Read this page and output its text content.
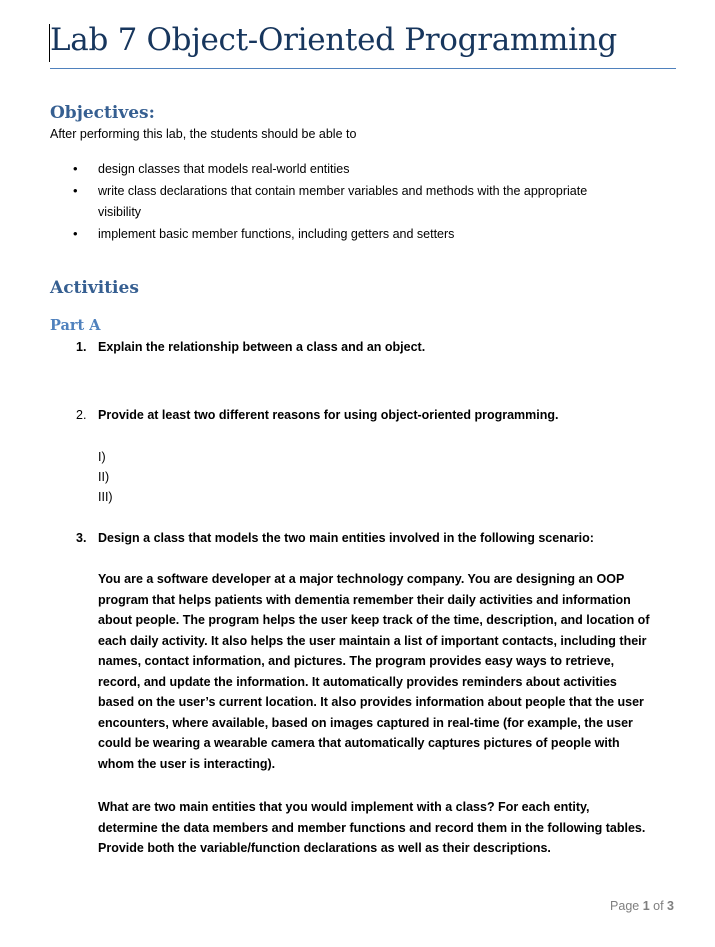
Lab 7 Object-Oriented Programming
Objectives:
After performing this lab, the students should be able to
• design classes that models real-world entities
• write class declarations that contain member variables and methods with the appropriate
visibility
• implement basic member functions, including getters and setters
Activities
Part A
1. Explain the relationship between a class and an object.
2. Provide at least two different reasons for using object-oriented programming.
I)
II)
III)
3. Design a class that models the two main entities involved in the following scenario:
You are a software developer at a major technology company. You are designing an OOP
program that helps patients with dementia remember their daily activities and information
about people. The program helps the user keep track of the time, description, and location of
each daily activity. It also helps the user maintain a list of important contacts, including their
names, contact information, and pictures. The program provides easy ways to retrieve,
record, and update the information. It automatically provides reminders about activities
based on the user’s current location. It also provides information about people that the user
encounters, where available, based on images captured in real-time (for example, the user
could be wearing a wearable camera that automatically captures pictures of people with
whom the user is interacting).
What are two main entities that you would implement with a class? For each entity,
determine the data members and member functions and record them in the following tables.
Provide both the variable/function declarations as well as their descriptions.
Page 1 of 3
